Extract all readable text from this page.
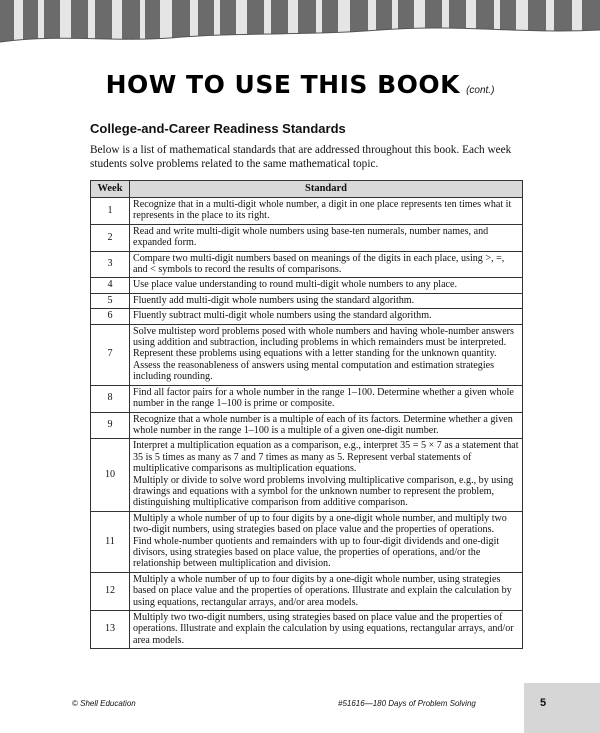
HOW TO USE THIS BOOK (cont.)
College-and-Career Readiness Standards
Below is a list of mathematical standards that are addressed throughout this book. Each week students solve problems related to the same mathematical topic.
Week	Standard
1	Recognize that in a multi-digit whole number, a digit in one place represents ten times what it represents in the place to its right.
2	Read and write multi-digit whole numbers using base-ten numerals, number names, and expanded form.
3	Compare two multi-digit numbers based on meanings of the digits in each place, using >, =, and < symbols to record the results of comparisons.
4	Use place value understanding to round multi-digit whole numbers to any place.
5	Fluently add multi-digit whole numbers using the standard algorithm.
6	Fluently subtract multi-digit whole numbers using the standard algorithm.
7	Solve multistep word problems posed with whole numbers and having whole-number answers using addition and subtraction, including problems in which remainders must be interpreted. Represent these problems using equations with a letter standing for the unknown quantity. Assess the reasonableness of answers using mental computation and estimation strategies including rounding.
8	Find all factor pairs for a whole number in the range 1–100. Determine whether a given whole number in the range 1–100 is prime or composite.
9	Recognize that a whole number is a multiple of each of its factors. Determine whether a given whole number in the range 1–100 is a multiple of a given one-digit number.
10	Interpret a multiplication equation as a comparison, e.g., interpret 35 = 5 × 7 as a statement that 35 is 5 times as many as 7 and 7 times as many as 5. Represent verbal statements of multiplicative comparisons as multiplication equations.
Multiply or divide to solve word problems involving multiplicative comparison, e.g., by using drawings and equations with a symbol for the unknown number to represent the problem, distinguishing multiplicative comparison from additive comparison.
11	Multiply a whole number of up to four digits by a one-digit whole number, and multiply two two-digit numbers, using strategies based on place value and the properties of operations.
Find whole-number quotients and remainders with up to four-digit dividends and one-digit divisors, using strategies based on place value, the properties of operations, and/or the relationship between multiplication and division.
12	Multiply a whole number of up to four digits by a one-digit whole number, using strategies based on place value and the properties of operations. Illustrate and explain the calculation by using equations, rectangular arrays, and/or area models.
13	Multiply two two-digit numbers, using strategies based on place value and the properties of operations. Illustrate and explain the calculation by using equations, rectangular arrays, and/or area models.
© Shell Education	#51616—180 Days of Problem Solving	5
